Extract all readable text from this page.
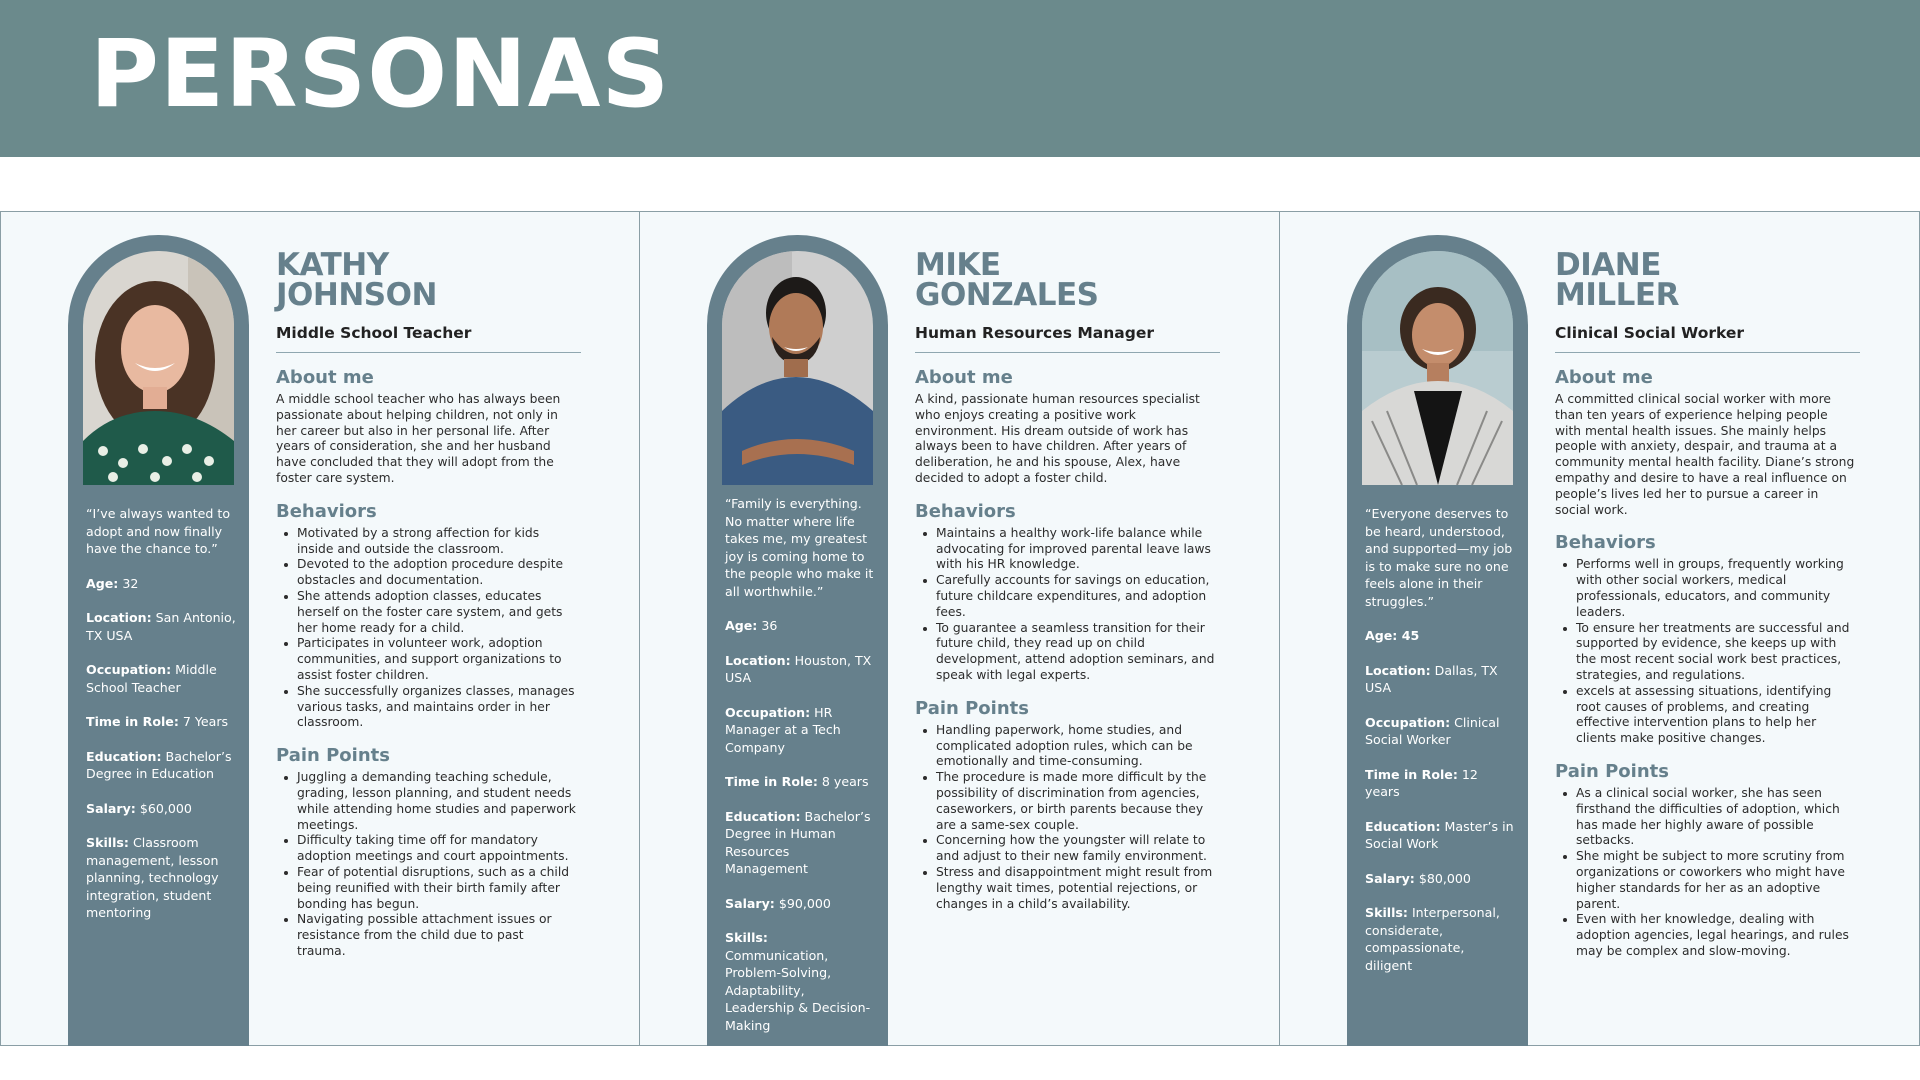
PERSONAS
“I’ve always wanted to adopt and now finally have the chance to.”
Age: 32
Location: San Antonio, TX USA
Occupation: Middle School Teacher
Time in Role: 7 Years
Education: Bachelor’s Degree in Education
Salary: $60,000
Skills: Classroom management, lesson planning, technology integration, student mentoring
KATHY
JOHNSON
Middle School Teacher
About me
A middle school teacher who has always been passionate about helping children, not only in her career but also in her personal life. After years of consideration, she and her husband have concluded that they will adopt from the foster care system.
Behaviors
Motivated by a strong affection for kids inside and outside the classroom.
Devoted to the adoption procedure despite obstacles and documentation.
She attends adoption classes, educates herself on the foster care system, and gets her home ready for a child.
Participates in volunteer work, adoption communities, and support organizations to assist foster children.
She successfully organizes classes, manages various tasks, and maintains order in her classroom.
Pain Points
Juggling a demanding teaching schedule, grading, lesson planning, and student needs while attending home studies and paperwork meetings.
Difficulty taking time off for mandatory adoption meetings and court appointments.
Fear of potential disruptions, such as a child being reunified with their birth family after bonding has begun.
Navigating possible attachment issues or resistance from the child due to past trauma.
“Family is everything. No matter where life takes me, my greatest joy is coming home to the people who make it all worthwhile.”
Age: 36
Location: Houston, TX USA
Occupation: HR Manager at a Tech Company
Time in Role: 8 years
Education: Bachelor’s Degree in Human Resources Management
Salary: $90,000
Skills: Communication, Problem-Solving, Adaptability, Leadership & Decision-Making
MIKE
GONZALES
Human Resources Manager
About me
A kind, passionate human resources specialist who enjoys creating a positive work environment. His dream outside of work has always been to have children. After years of deliberation, he and his spouse, Alex, have decided to adopt a foster child.
Behaviors
Maintains a healthy work-life balance while advocating for improved parental leave laws with his HR knowledge.
Carefully accounts for savings on education, future childcare expenditures, and adoption fees.
To guarantee a seamless transition for their future child, they read up on child development, attend adoption seminars, and speak with legal experts.
Pain Points
Handling paperwork, home studies, and complicated adoption rules, which can be emotionally and time-consuming.
The procedure is made more difficult by the possibility of discrimination from agencies, caseworkers, or birth parents because they are a same-sex couple.
Concerning how the youngster will relate to and adjust to their new family environment.
Stress and disappointment might result from lengthy wait times, potential rejections, or changes in a child’s availability.
“Everyone deserves to be heard, understood, and supported—my job is to make sure no one feels alone in their struggles.”
Age: 45
Location: Dallas, TX USA
Occupation: Clinical Social Worker
Time in Role: 12 years
Education: Master’s in Social Work
Salary: $80,000
Skills: Interpersonal, considerate, compassionate, diligent
DIANE
MILLER
Clinical Social Worker
About me
A committed clinical social worker with more than ten years of experience helping people with mental health issues. She mainly helps people with anxiety, despair, and trauma at a community mental health facility. Diane’s strong empathy and desire to have a real influence on people’s lives led her to pursue a career in social work.
Behaviors
Performs well in groups, frequently working with other social workers, medical professionals, educators, and community leaders.
To ensure her treatments are successful and supported by evidence, she keeps up with the most recent social work best practices, strategies, and regulations.
excels at assessing situations, identifying root causes of problems, and creating effective intervention plans to help her clients make positive changes.
Pain Points
As a clinical social worker, she has seen firsthand the difficulties of adoption, which has made her highly aware of possible setbacks.
She might be subject to more scrutiny from organizations or coworkers who might have higher standards for her as an adoptive parent.
Even with her knowledge, dealing with adoption agencies, legal hearings, and rules may be complex and slow-moving.
